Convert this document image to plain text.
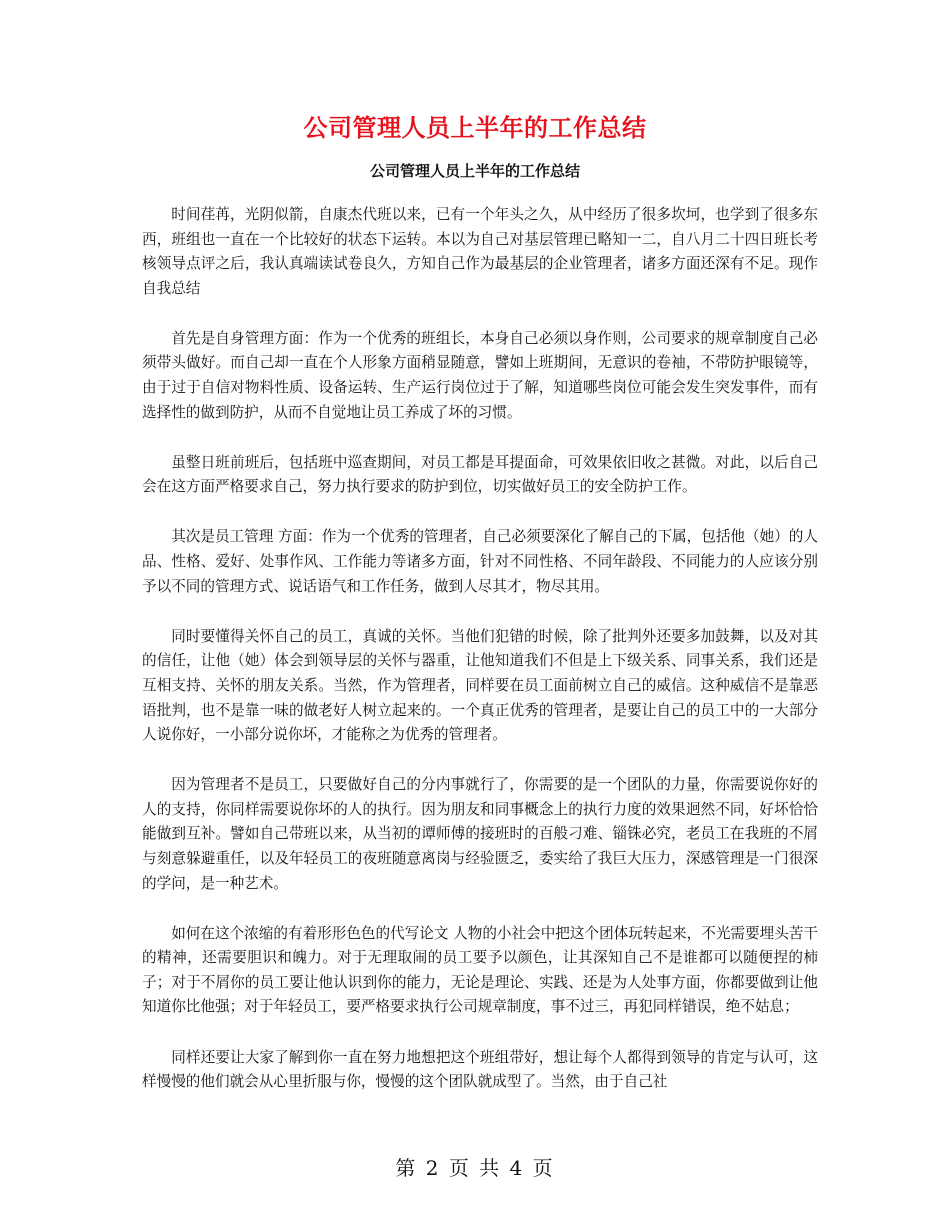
公司管理人员上半年的工作总结
公司管理人员上半年的工作总结

时间荏苒，光阴似箭，自康杰代班以来，已有一个年头之久，从中经历了很多坎坷，也学到了很多东西，班组也一直在一个比较好的状态下运转。本以为自己对基层管理已略知一二，自八月二十四日班长考核领导点评之后，我认真端读试卷良久，方知自己作为最基层的企业管理者，诸多方面还深有不足。现作自我总结

首先是自身管理方面：作为一个优秀的班组长，本身自己必须以身作则，公司要求的规章制度自己必须带头做好。而自己却一直在个人形象方面稍显随意，譬如上班期间，无意识的卷袖，不带防护眼镜等，由于过于自信对物料性质、设备运转、生产运行岗位过于了解，知道哪些岗位可能会发生突发事件，而有选择性的做到防护，从而不自觉地让员工养成了坏的习惯。

虽整日班前班后，包括班中巡查期间，对员工都是耳提面命，可效果依旧收之甚微。对此，以后自己会在这方面严格要求自己，努力执行要求的防护到位，切实做好员工的安全防护工作。

其次是员工管理 方面：作为一个优秀的管理者，自己必须要深化了解自己的下属，包括他（她）的人品、性格、爱好、处事作风、工作能力等诸多方面，针对不同性格、不同年龄段、不同能力的人应该分别予以不同的管理方式、说话语气和工作任务，做到人尽其才，物尽其用。

同时要懂得关怀自己的员工，真诚的关怀。当他们犯错的时候，除了批判外还要多加鼓舞，以及对其的信任，让他（她）体会到领导层的关怀与器重，让他知道我们不但是上下级关系、同事关系，我们还是互相支持、关怀的朋友关系。当然，作为管理者，同样要在员工面前树立自己的威信。这种威信不是靠恶语批判，也不是靠一味的做老好人树立起来的。一个真正优秀的管理者，是要让自己的员工中的一大部分人说你好，一小部分说你坏，才能称之为优秀的管理者。

因为管理者不是员工，只要做好自己的分内事就行了，你需要的是一个团队的力量，你需要说你好的人的支持，你同样需要说你坏的人的执行。因为朋友和同事概念上的执行力度的效果迥然不同，好坏恰恰能做到互补。譬如自己带班以来，从当初的谭师傅的接班时的百般刁难、锱铢必究，老员工在我班的不屑与刻意躲避重任，以及年轻员工的夜班随意离岗与经验匮乏，委实给了我巨大压力，深感管理是一门很深的学问，是一种艺术。

如何在这个浓缩的有着形形色色的代写论文 人物的小社会中把这个团体玩转起来，不光需要埋头苦干的精神，还需要胆识和魄力。对于无理取闹的员工要予以颜色，让其深知自己不是谁都可以随便捏的柿子；对于不屑你的员工要让他认识到你的能力，无论是理论、实践、还是为人处事方面，你都要做到让他知道你比他强；对于年轻员工，要严格要求执行公司规章制度，事不过三，再犯同样错误，绝不姑息；

同样还要让大家了解到你一直在努力地想把这个班组带好，想让每个人都得到领导的肯定与认可，这样慢慢的他们就会从心里折服与你，慢慢的这个团队就成型了。当然，由于自己社

第 2 页 共 4 页
